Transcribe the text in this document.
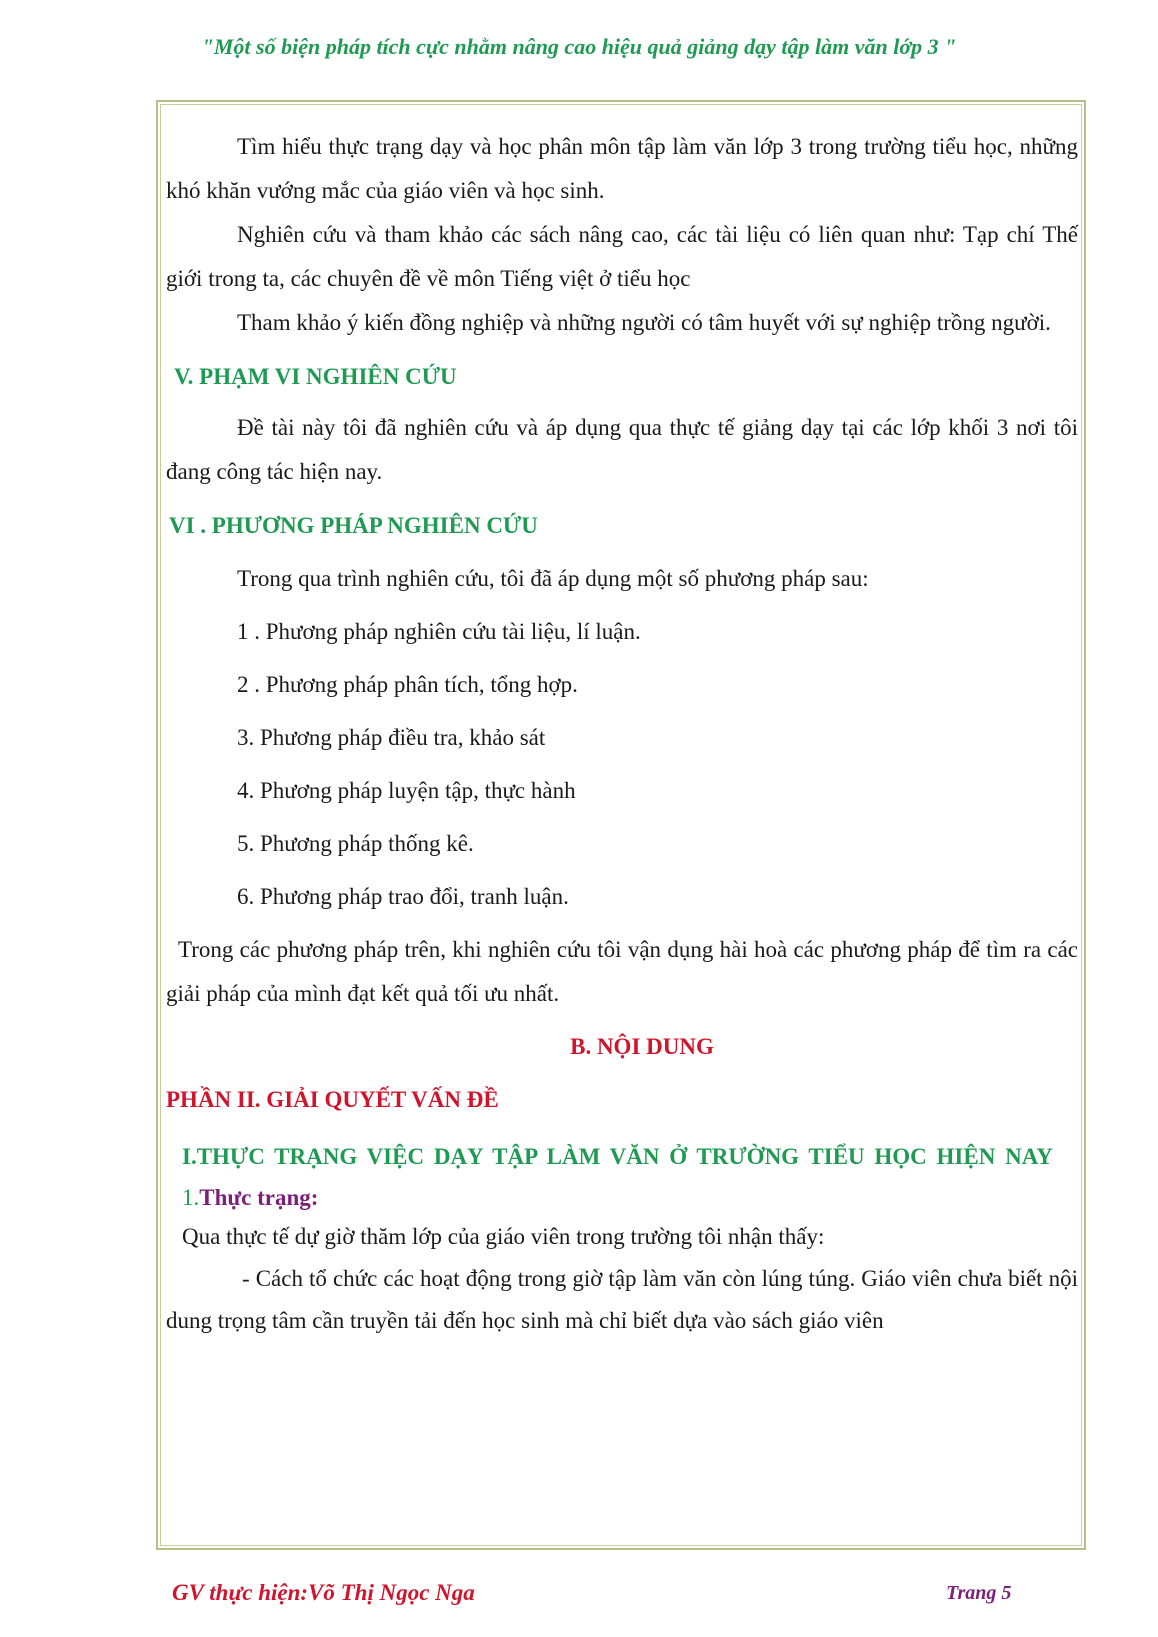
"Một số biện pháp tích cực nhằm nâng cao hiệu quả giảng dạy tập làm văn lớp 3 "

Tìm hiểu thực trạng dạy và học phân môn tập làm văn lớp 3 trong trường tiểu học, những khó khăn vướng mắc của giáo viên và học sinh.

Nghiên cứu và tham khảo các sách nâng cao, các tài liệu có liên quan như: Tạp chí Thế giới trong ta, các chuyên đề về môn Tiếng việt ở tiểu học

Tham khảo ý kiến đồng nghiệp và những người có tâm huyết với sự nghiệp trồng người.

V. PHẠM VI NGHIÊN CỨU

Đề tài này tôi đã nghiên cứu và áp dụng qua thực tế giảng dạy tại các lớp khối 3 nơi tôi đang công tác hiện nay.

VI . PHƯƠNG PHÁP NGHIÊN CỨU

Trong qua trình nghiên cứu, tôi đã áp dụng một số phương pháp sau:

1 . Phương pháp nghiên cứu tài liệu, lí luận.

2 . Phương pháp phân tích, tổng hợp.

3. Phương pháp điều tra, khảo sát

4. Phương pháp luyện tập, thực hành

5. Phương pháp thống kê.

6. Phương pháp trao đổi, tranh luận.

Trong các phương pháp trên, khi nghiên cứu tôi vận dụng hài hoà các phương pháp để tìm ra các giải pháp của mình đạt kết quả tối ưu nhất.

B. NỘI DUNG

PHẦN II. GIẢI QUYẾT VẤN ĐỀ

I.THỰC TRẠNG VIỆC DẠY TẬP LÀM VĂN Ở TRƯỜNG TIỂU HỌC HIỆN NAY

1.Thực trạng:

Qua thực tế dự giờ thăm lớp của giáo viên trong trường tôi nhận thấy:

- Cách tổ chức các hoạt động trong giờ tập làm văn còn lúng túng. Giáo viên chưa biết nội dung trọng tâm cần truyền tải đến học sinh mà chỉ biết dựa vào sách giáo viên

GV thực hiện:Võ Thị Ngọc Nga	Trang 5
